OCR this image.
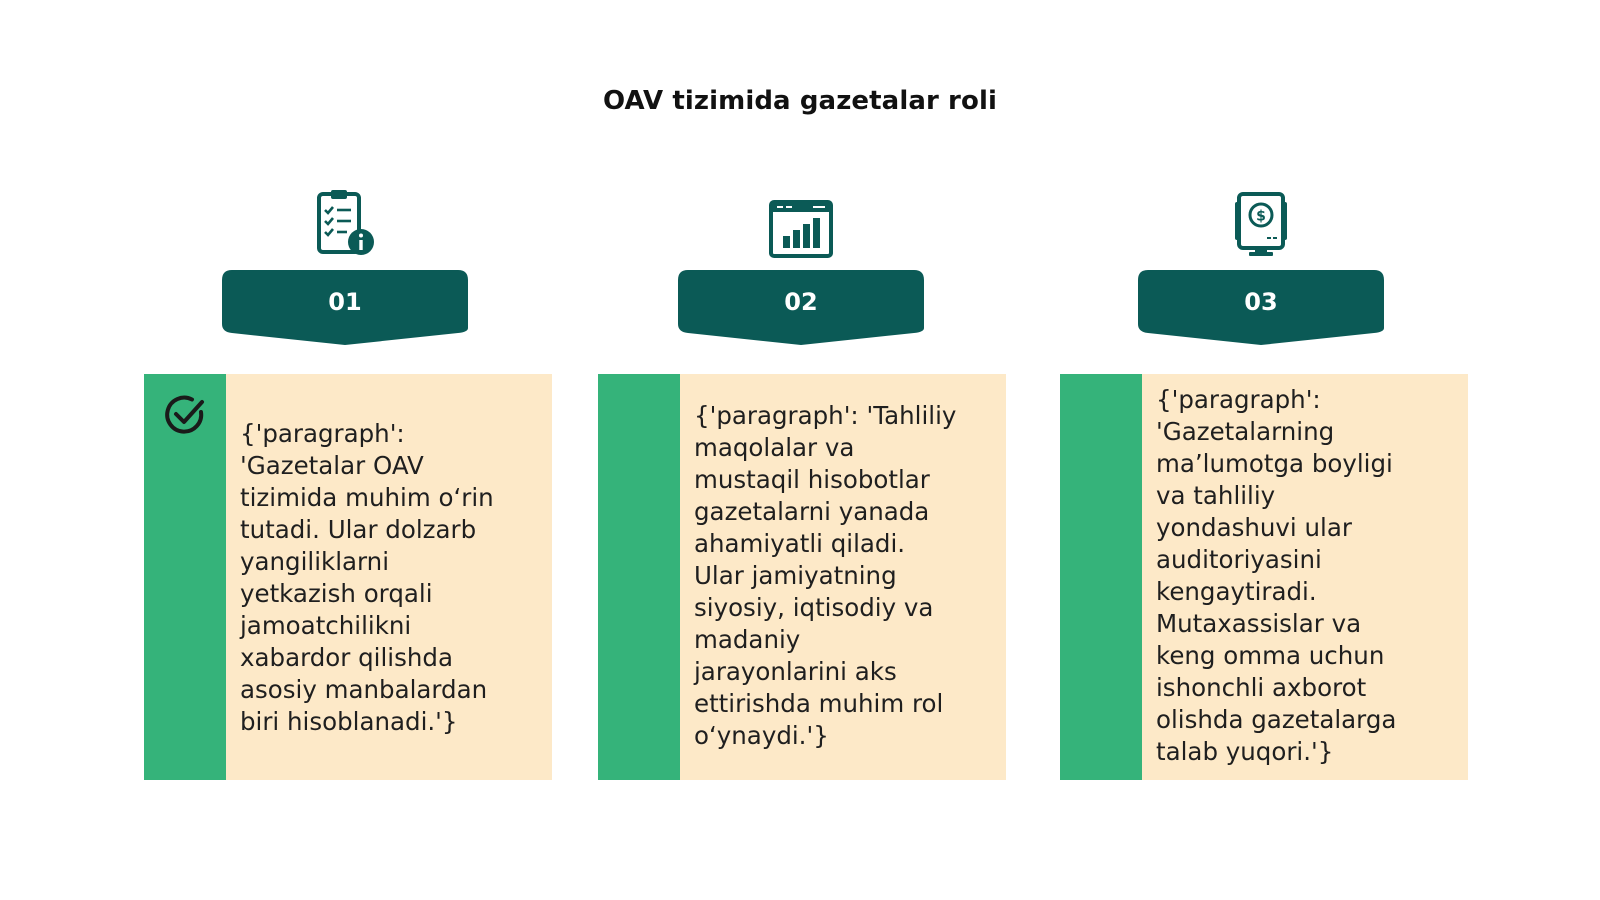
OAV tizimida gazetalar roli
01
{'paragraph':
'Gazetalar OAV
tizimida muhim o‘rin
tutadi. Ular dolzarb
yangiliklarni
yetkazish orqali
jamoatchilikni
xabardor qilishda
asosiy manbalardan
biri hisoblanadi.'}
02
{'paragraph': 'Tahliliy
maqolalar va
mustaqil hisobotlar
gazetalarni yanada
ahamiyatli qiladi.
Ular jamiyatning
siyosiy, iqtisodiy va
madaniy
jarayonlarini aks
ettirishda muhim rol
o‘ynaydi.'}
$
03
{'paragraph':
'Gazetalarning
ma’lumotga boyligi
va tahliliy
yondashuvi ular
auditoriyasini
kengaytiradi.
Mutaxassislar va
keng omma uchun
ishonchli axborot
olishda gazetalarga
talab yuqori.'}
